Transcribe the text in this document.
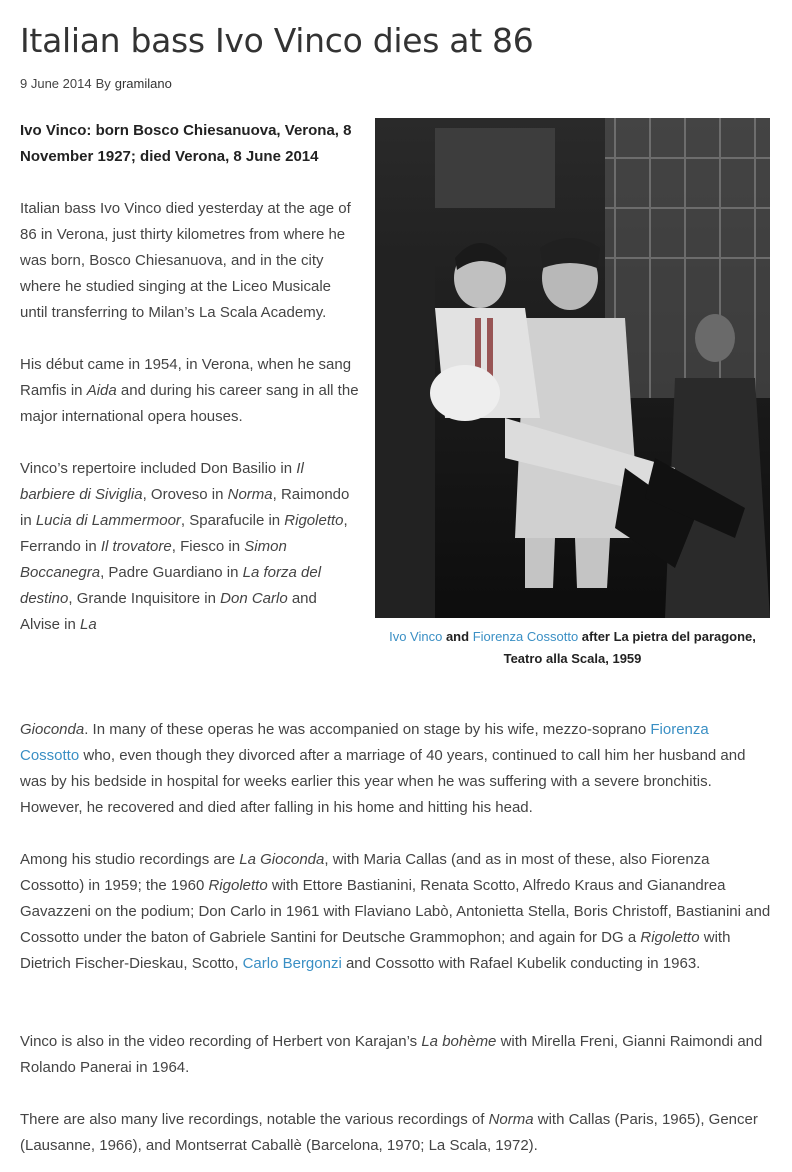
Italian bass Ivo Vinco dies at 86
9 June 2014 By gramilano
Ivo Vinco: born Bosco Chiesanuova, Verona, 8 November 1927; died Verona, 8 June 2014

Italian bass Ivo Vinco died yesterday at the age of 86 in Verona, just thirty kilometres from where he was born, Bosco Chiesanuova, and in the city where he studied singing at the Liceo Musicale until transferring to Milan’s La Scala Academy.

His début came in 1954, in Verona, when he sang Ramfis in Aida and during his career sang in all the major international opera houses.

Vinco’s repertoire included Don Basilio in Il barbiere di Siviglia, Oroveso in Norma, Raimondo in Lucia di Lammermoor, Sparafucile in Rigoletto, Ferrando in Il trovatore, Fiesco in Simon Boccanegra, Padre Guardiano in La forza del destino, Grande Inquisitore in Don Carlo and Alvise in La

Gioconda. In many of these operas he was accompanied on stage by his wife, mezzo-soprano Fiorenza Cossotto who, even though they divorced after a marriage of 40 years, continued to call him her husband and was by his bedside in hospital for weeks earlier this year when he was suffering with a severe bronchitis. However, he recovered and died after falling in his home and hitting his head.

Among his studio recordings are La Gioconda, with Maria Callas (and as in most of these, also Fiorenza Cossotto) in 1959; the 1960 Rigoletto with Ettore Bastianini, Renata Scotto, Alfredo Kraus and Gianandrea Gavazzeni on the podium; Don Carlo in 1961 with Flaviano Labò, Antonietta Stella, Boris Christoff, Bastianini and Cossotto under the baton of Gabriele Santini for Deutsche Grammophon; and again for DG a Rigoletto with Dietrich Fischer-Dieskau, Scotto, Carlo Bergonzi and Cossotto with Rafael Kubelik conducting in 1963.

Vinco is also in the video recording of Herbert von Karajan’s La bohème with Mirella Freni, Gianni Raimondi and Rolando Panerai in 1964.

There are also many live recordings, notable the various recordings of Norma with Callas (Paris, 1965), Gencer (Lausanne, 1966), and Montserrat Caballè (Barcelona, 1970; La Scala, 1972).

Ivo Vinco and Fiorenza Cossotto after La pietra del paragone, Teatro alla Scala, 1959
